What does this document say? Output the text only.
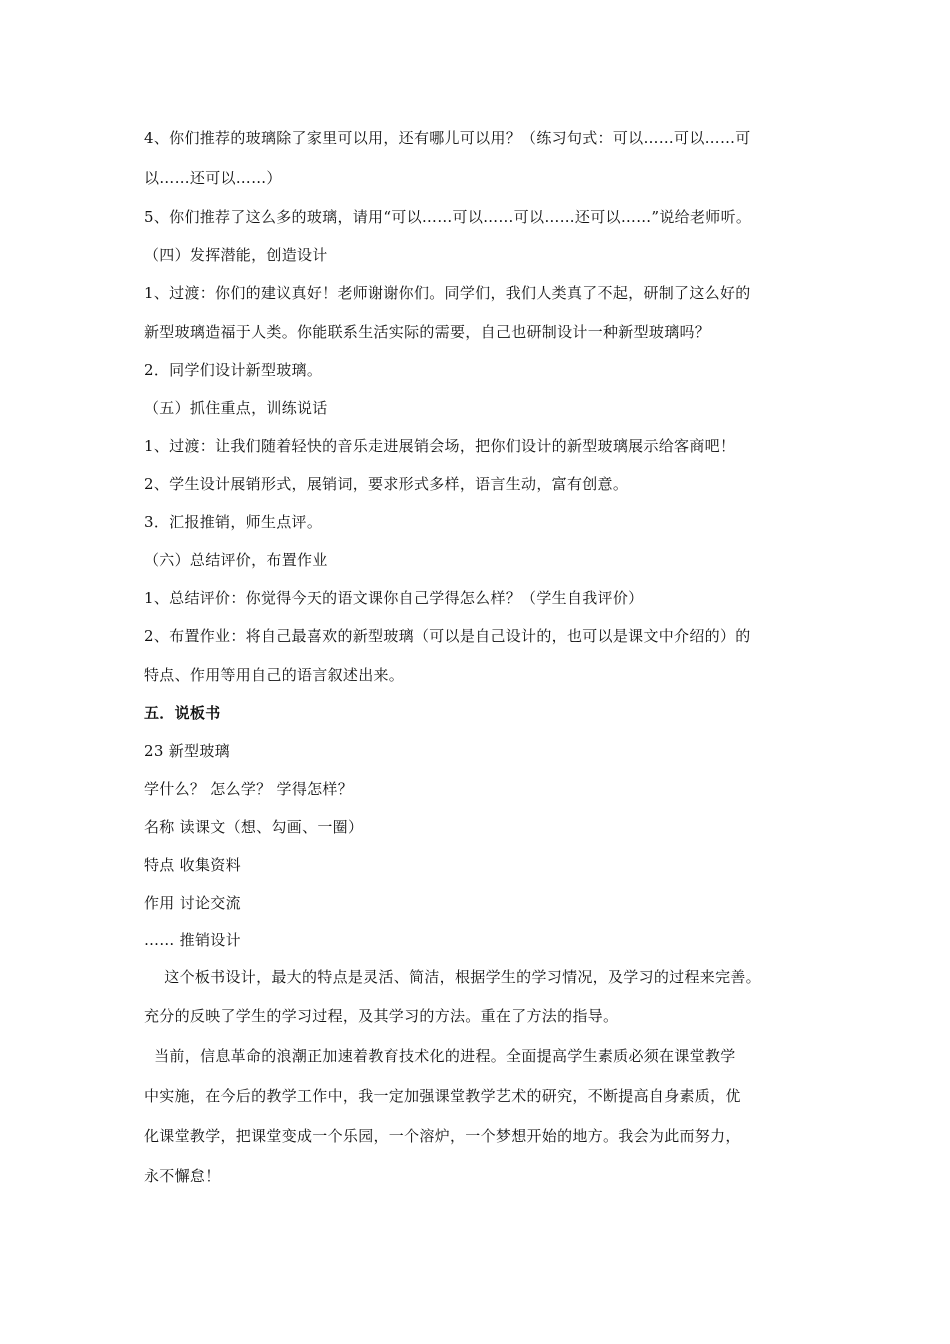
4、你们推荐的玻璃除了家里可以用，还有哪儿可以用？（练习句式：可以……可以……可
以……还可以……）
5、你们推荐了这么多的玻璃，请用“可以……可以……可以……还可以……”说给老师听。
（四）发挥潜能，创造设计
1、过渡：你们的建议真好！老师谢谢你们。同学们，我们人类真了不起，研制了这么好的
新型玻璃造福于人类。你能联系生活实际的需要，自己也研制设计一种新型玻璃吗？
2．同学们设计新型玻璃。
（五）抓住重点，训练说话
1、过渡：让我们随着轻快的音乐走进展销会场，把你们设计的新型玻璃展示给客商吧！
2、学生设计展销形式，展销词，要求形式多样，语言生动，富有创意。
3．汇报推销，师生点评。
（六）总结评价，布置作业
1、总结评价：你觉得今天的语文课你自己学得怎么样？（学生自我评价）
2、布置作业：将自己最喜欢的新型玻璃（可以是自己设计的，也可以是课文中介绍的）的
特点、作用等用自己的语言叙述出来。
五．说板书
23 新型玻璃
学什么？ 怎么学？ 学得怎样？
名称 读课文（想、勾画、一圈）
特点 收集资料
作用 讨论交流
…… 推销设计
这个板书设计，最大的特点是灵活、简洁，根据学生的学习情况，及学习的过程来完善。
充分的反映了学生的学习过程，及其学习的方法。重在了方法的指导。
当前，信息革命的浪潮正加速着教育技术化的进程。全面提高学生素质必须在课堂教学
中实施，在今后的教学工作中，我一定加强课堂教学艺术的研究，不断提高自身素质，优
化课堂教学，把课堂变成一个乐园，一个溶炉，一个梦想开始的地方。我会为此而努力，
永不懈怠！
